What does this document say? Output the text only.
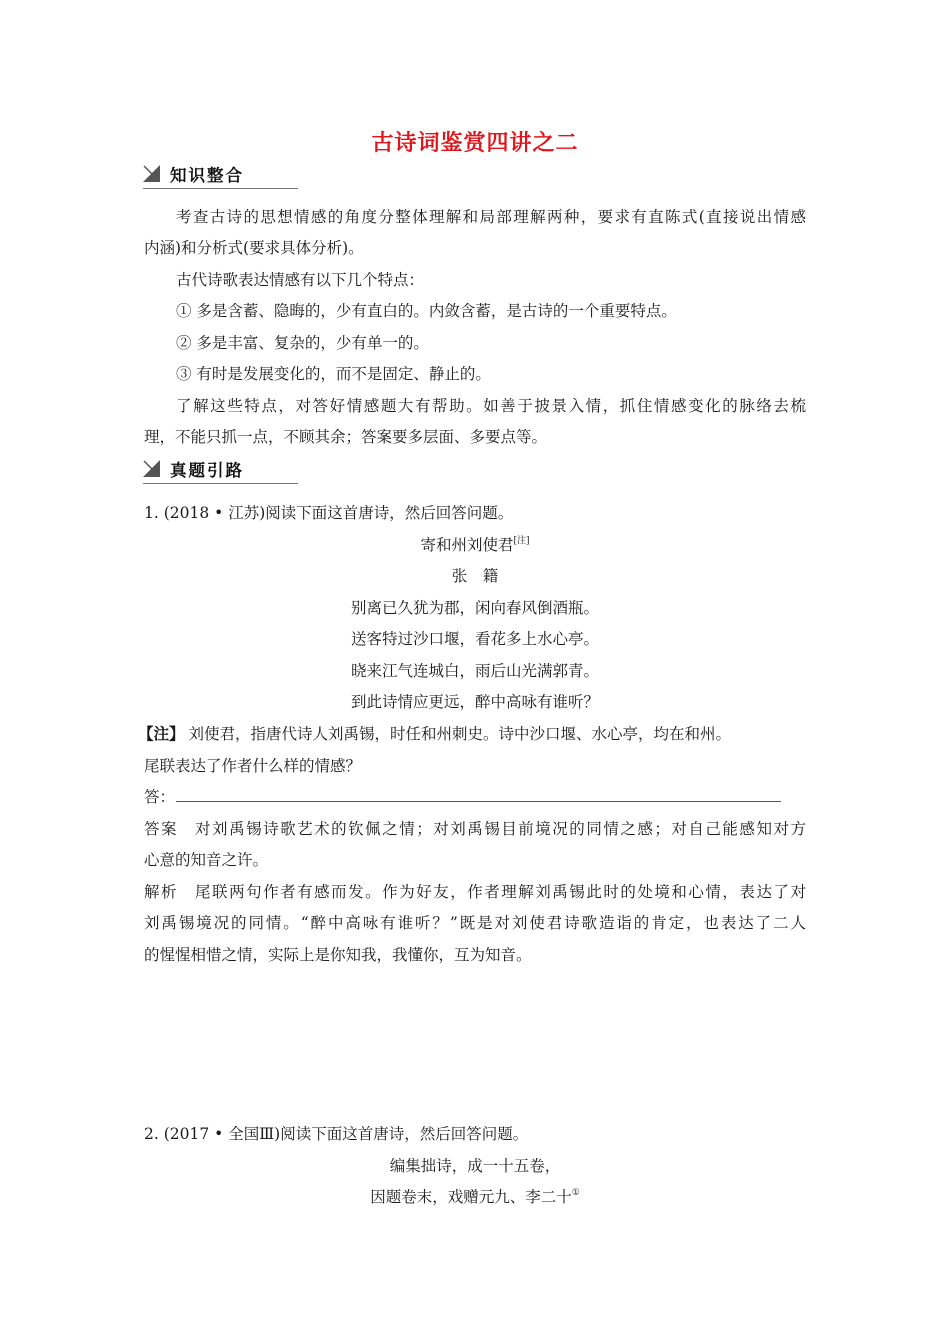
古诗词鉴赏四讲之二
知识整合
考查古诗的思想情感的角度分整体理解和局部理解两种，要求有直陈式(直接说出情感
内涵)和分析式(要求具体分析)。
古代诗歌表达情感有以下几个特点：
① 多是含蓄、隐晦的，少有直白的。内敛含蓄，是古诗的一个重要特点。
② 多是丰富、复杂的，少有单一的。
③ 有时是发展变化的，而不是固定、静止的。
了解这些特点，对答好情感题大有帮助。如善于披景入情，抓住情感变化的脉络去梳
理，不能只抓一点，不顾其余；答案要多层面、多要点等。
真题引路
1. (2018 • 江苏)阅读下面这首唐诗，然后回答问题。
寄和州刘使君[注]
张　籍
别离已久犹为郡，闲向春风倒酒瓶。
送客特过沙口堰，看花多上水心亭。
晓来江气连城白，雨后山光满郭青。
到此诗情应更远，醉中高咏有谁听？
【注】 刘使君，指唐代诗人刘禹锡，时任和州刺史。诗中沙口堰、水心亭，均在和州。
尾联表达了作者什么样的情感？
答：
答案　 对刘禹锡诗歌艺术的钦佩之情；对刘禹锡目前境况的同情之感；对自己能感知对方
心意的知音之许。
解析　 尾联两句作者有感而发。作为好友，作者理解刘禹锡此时的处境和心情，表达了对
刘禹锡境况的同情。“醉中高咏有谁听？”既是对刘使君诗歌造诣的肯定，也表达了二人
的惺惺相惜之情，实际上是你知我，我懂你，互为知音。
2. (2017 • 全国Ⅲ)阅读下面这首唐诗，然后回答问题。
编集拙诗，成一十五卷，
因题卷末，戏赠元九、李二十①
